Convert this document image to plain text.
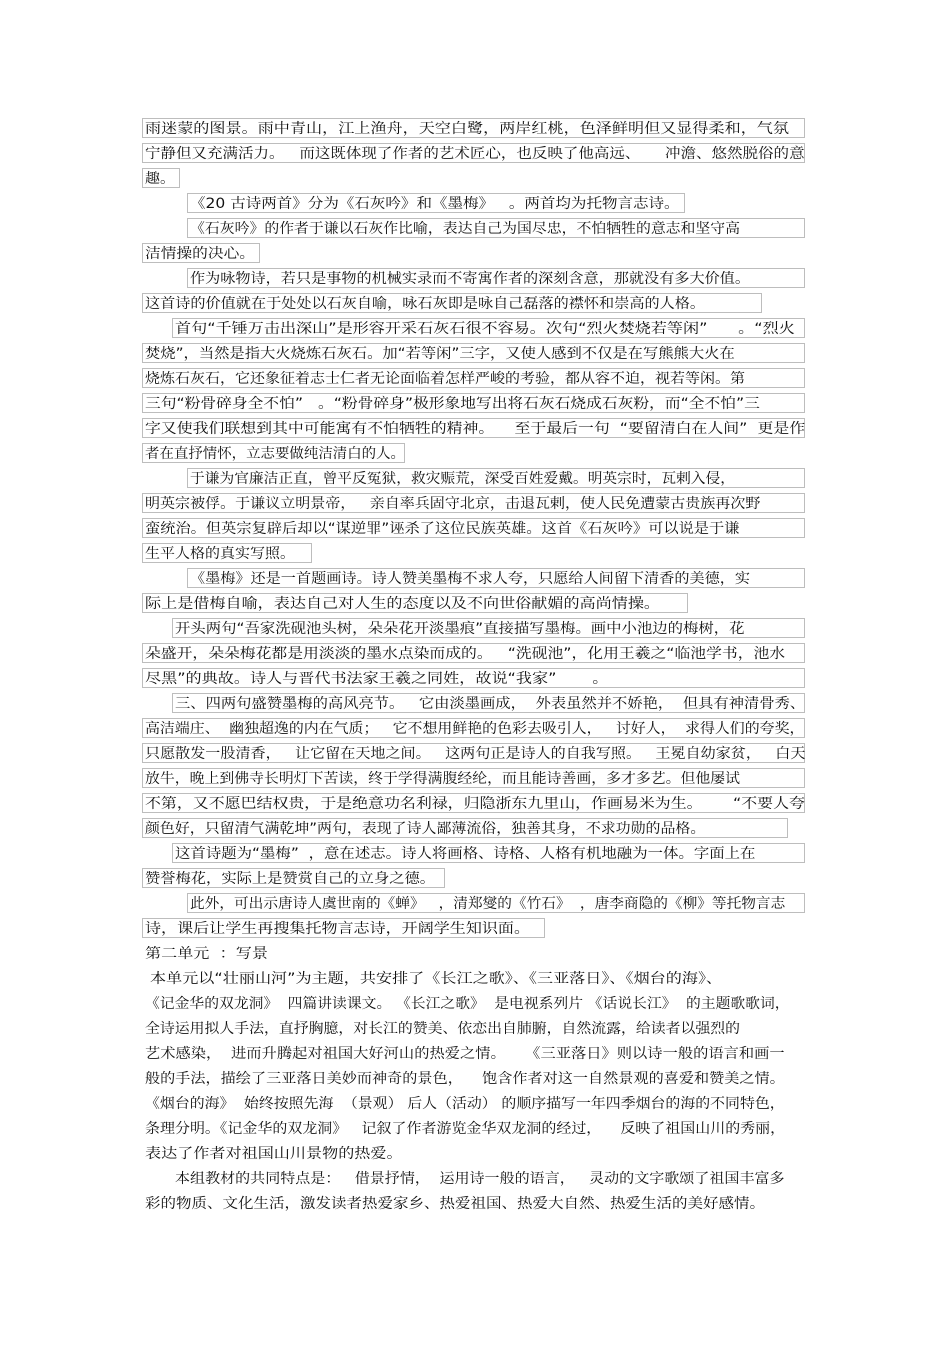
雨迷蒙的图景。雨中青山，江上渔舟，天空白鹭，两岸红桃，色泽鲜明但又显得柔和，气氛
宁静但又充满活力。   而这既体现了作者的艺术匠心，也反映了他高远、     冲澹、悠然脱俗的意
趣。
《20 古诗两首》分为《石灰吟》和《墨梅》   。两首均为托物言志诗。
《石灰吟》的作者于谦以石灰作比喻，表达自己为国尽忠，不怕牺牲的意志和坚守高
洁情操的决心。
作为咏物诗，若只是事物的机械实录而不寄寓作者的深刻含意，那就没有多大价值。
这首诗的价值就在于处处以石灰自喻，咏石灰即是咏自己磊落的襟怀和崇高的人格。
首句“千锤万击出深山”是形容开采石灰石很不容易。次句“烈火焚烧若等闲”      。“烈火
焚烧”，当然是指大火烧炼石灰石。加“若等闲”三字，又使人感到不仅是在写熊熊大火在
烧炼石灰石，它还象征着志士仁者无论面临着怎样严峻的考验，都从容不迫，视若等闲。第
三句“粉骨碎身全不怕”   。“粉骨碎身”极形象地写出将石灰石烧成石灰粉，而“全不怕”三
字又使我们联想到其中可能寓有不怕牺牲的精神。    至于最后一句  “要留清白在人间”  更是作
者在直抒情怀，立志要做纯洁清白的人。
于谦为官廉洁正直，曾平反冤狱，救灾赈荒，深受百姓爱戴。明英宗时，瓦剌入侵，
明英宗被俘。于谦议立明景帝，   亲自率兵固守北京，击退瓦剌，使人民免遭蒙古贵族再次野
蛮统治。但英宗复辟后却以“谋逆罪”诬杀了这位民族英雄。这首《石灰吟》可以说是于谦
生平人格的真实写照。
《墨梅》还是一首题画诗。诗人赞美墨梅不求人夸，只愿给人间留下清香的美德，实
际上是借梅自喻，表达自己对人生的态度以及不向世俗献媚的高尚情操。
开头两句“吾家洗砚池头树，朵朵花开淡墨痕”直接描写墨梅。画中小池边的梅树，花
朵盛开，朵朵梅花都是用淡淡的墨水点染而成的。   “洗砚池”，化用王羲之“临池学书，池水
尽黑”的典故。诗人与晋代书法家王羲之同姓，故说“我家”       。
三、四两句盛赞墨梅的高风亮节。   它由淡墨画成，  外表虽然并不娇艳，  但具有神清骨秀、
高洁端庄、  幽独超逸的内在气质；   它不想用鲜艳的色彩去吸引人，   讨好人，  求得人们的夸奖，
只愿散发一股清香，   让它留在天地之间。   这两句正是诗人的自我写照。   王冕自幼家贫，   白天
放牛，晚上到佛寺长明灯下苦读，终于学得满腹经纶，而且能诗善画，多才多艺。但他屡试
不第，又不愿巴结权贵，于是绝意功名利禄，归隐浙东九里山，作画易米为生。      “不要人夸
颜色好，只留清气满乾坤”两句，表现了诗人鄙薄流俗，独善其身，不求功勋的品格。
这首诗题为“墨梅”  ，意在述志。诗人将画格、诗格、人格有机地融为一体。字面上在
赞誉梅花，实际上是赞赏自己的立身之德。
此外，可出示唐诗人虞世南的《蝉》   ，清郑燮的《竹石》  ，唐李商隐的《柳》等托物言志
诗，课后让学生再搜集托物言志诗，开阔学生知识面。
第二单元  ：写景
本单元以“壮丽山河”为主题，共安排了《长江之歌》、《三亚落日》、《烟台的海》、
《记金华的双龙洞》  四篇讲读课文。 《长江之歌》  是电视系列片 《话说长江》  的主题歌歌词，
全诗运用拟人手法，直抒胸臆，对长江的赞美、依恋出自肺腑，自然流露，给读者以强烈的
艺术感染，  进而升腾起对祖国大好河山的热爱之情。    《三亚落日》则以诗一般的语言和画一
般的手法，描绘了三亚落日美妙而神奇的景色，    饱含作者对这一自然景观的喜爱和赞美之情。
《烟台的海》  始终按照先海  （景观） 后人（活动） 的顺序描写一年四季烟台的海的不同特色，
条理分明。《记金华的双龙洞》   记叙了作者游览金华双龙洞的经过，    反映了祖国山川的秀丽，
表达了作者对祖国山川景物的热爱。
本组教材的共同特点是：   借景抒情，  运用诗一般的语言，   灵动的文字歌颂了祖国丰富多
彩的物质、文化生活，激发读者热爱家乡、热爱祖国、热爱大自然、热爱生活的美好感情。
